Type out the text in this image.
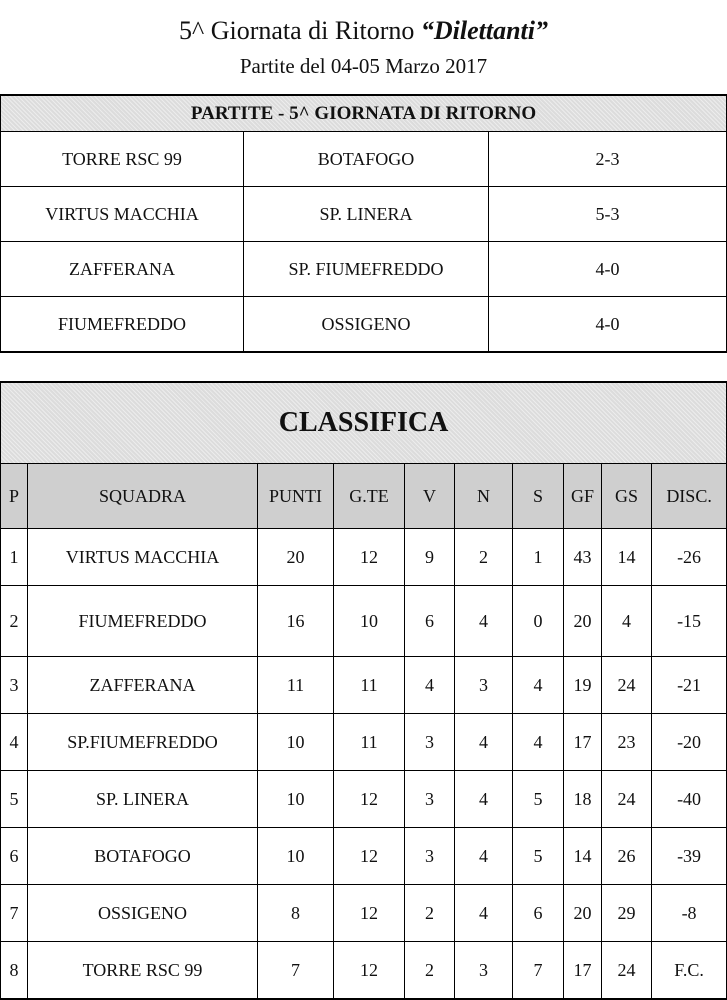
5^ Giornata di Ritorno “Dilettanti”
Partite del 04-05 Marzo 2017
PARTITE - 5^ GIORNATA DI RITORNO		
TORRE RSC 99	BOTAFOGO	2-3
VIRTUS MACCHIA	SP. LINERA	5-3
ZAFFERANA	SP. FIUMEFREDDO	4-0
FIUMEFREDDO	OSSIGENO	4-0
CLASSIFICA									
P	SQUADRA	PUNTI	G.TE	V	N	S	GF	GS	DISC.
1	VIRTUS MACCHIA	20	12	9	2	1	43	14	-26
2	FIUMEFREDDO	16	10	6	4	0	20	4	-15
3	ZAFFERANA	11	11	4	3	4	19	24	-21
4	SP.FIUMEFREDDO	10	11	3	4	4	17	23	-20
5	SP. LINERA	10	12	3	4	5	18	24	-40
6	BOTAFOGO	10	12	3	4	5	14	26	-39
7	OSSIGENO	8	12	2	4	6	20	29	-8
8	TORRE RSC 99	7	12	2	3	7	17	24	F.C.
